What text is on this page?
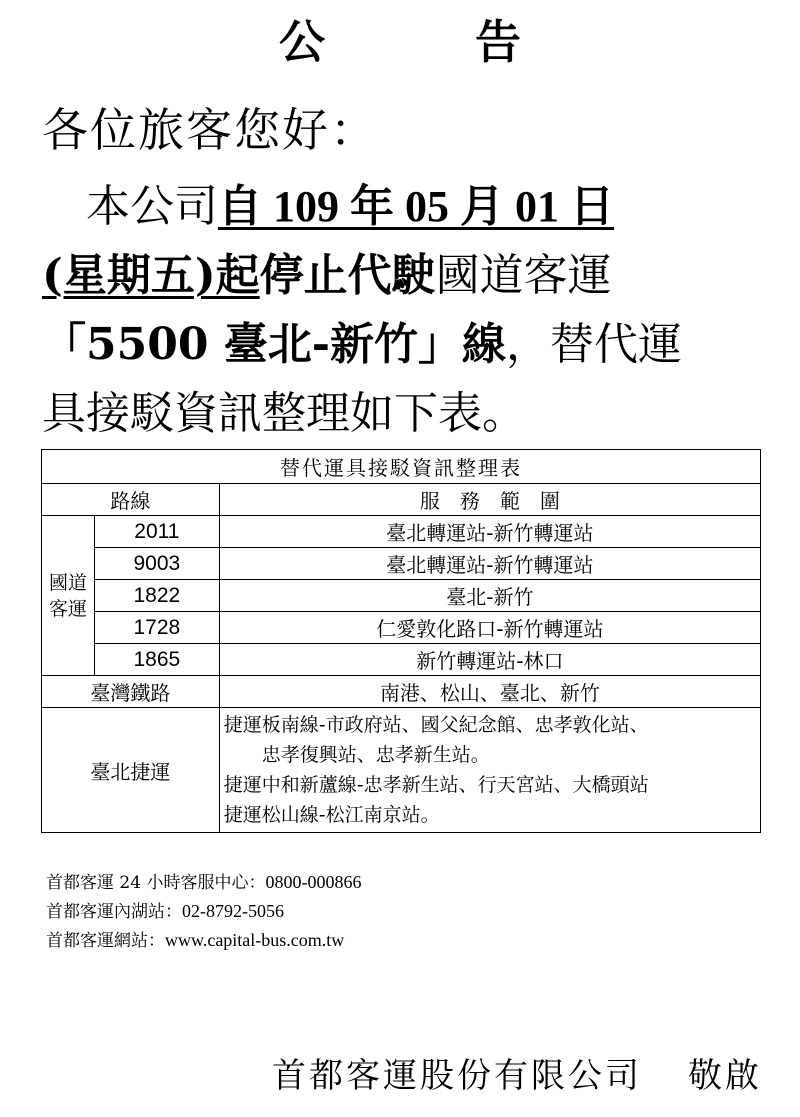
公告
各位旅客您好：
　本公司自 109 年 05 月 01 日
(星期五)起停止代駛國道客運
「5500 臺北-新竹」線，替代運
具接駁資訊整理如下表。
替代運具接駁資訊整理表		
路線		服　務　範　圍

國道
客運	2011	臺北轉運站-新竹轉運站
	9003	臺北轉運站-新竹轉運站
	1822	臺北-新竹
	1728	仁愛敦化路口-新竹轉運站
	1865	新竹轉運站-林口
臺灣鐵路		南港、松山、臺北、新竹
臺北捷運		捷運板南線-市政府站、國父紀念館、忠孝敦化站、
　　忠孝復興站、忠孝新生站。
捷運中和新蘆線-忠孝新生站、行天宮站、大橋頭站
捷運松山線-松江南京站。
首都客運 24 小時客服中心：0800-000866
首都客運內湖站：02-8792-5056
首都客運網站：www.capital-bus.com.tw
首都客運股份有限公司 敬啟
